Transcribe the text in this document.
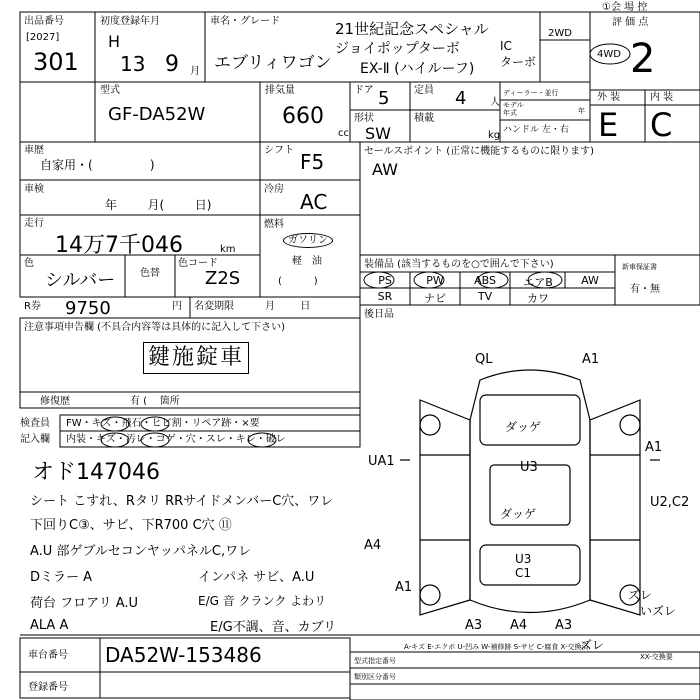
出品番号
[2027]
301
初度登録年月
H
13 9 月
車名・グレード
エブリィワゴン
21世紀記念スペシャル
ジョイポップターボ
EX-Ⅱ (ハイルーフ)
IC
ターボ
2WD
4WD
①会 場 控
評 価 点
2
型式
GF-DA52W
排気量
660
cc
ドア 5 定員 4 人
形状
SW
積載
kg
ディーラー・並行
モデル
年式	年
ハンドル 左・右
外 装	内 装
E C
車歴
自家用・(               )
車検
年        月(        日)
走行
14万7千046	km
色
シルバー 色替
色コード
Z2S
シフト F5
冷房
AC
燃料
ガソリン
軽　油
(          )
R券 9750	円 名変期限	月        日
セールスポイント (正常に機能するものに限ります)
AW
装備品 (該当するものを○で囲んで下さい)
PS	PW	ABS	エアB	AW
SR	ナビ	TV	カワ
新車保証書
有・無
後日品
注意事項申告欄 (不具合内容等は具体的に記入して下さい)
鍵施錠車
修復歴	有 (    箇所
検査員
記入欄
FW・キズ・飛石・ヒビ割・リペア跡・×要
内装・キズ・汚レ・コゲ・穴・スレ・キレ・破レ
オド147046
シート こすれ、Rタリ RRサイドメンバーC穴、ワレ
下回りC③、サビ、下R700 C穴 ⑪
A.U 部ゲブルセコンヤッパネルC,ワレ
Dミラー A
荷台 フロアリ A.U
ALA A
インパネ サビ、A.U
E/G 音 クランク よわリ
E/G不調、音、カブリ
QL	A1
A1
U2,C2
A4
UA1	U3
U3
C1
A1
A3 A4 A3
ズレ
ズレ
いズレ
ダッゲ
ダッゲ
車台番号 DA52W-153486
登録番号
A-キズ E-エクボ U-凹み W-補修跡 S-サビ C-腐食 X-交換済
XX-交換要
型式指定番号
類別区分番号
